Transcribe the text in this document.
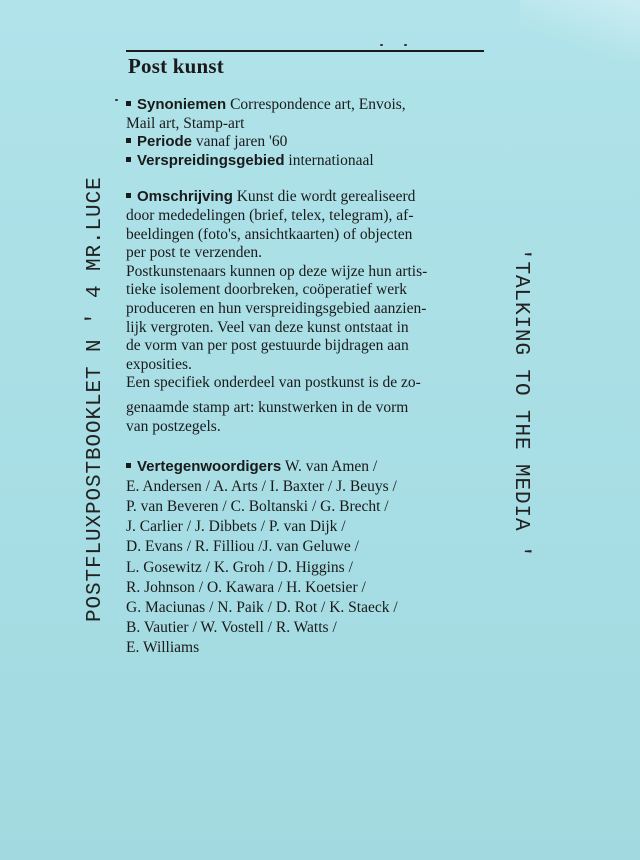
Post kunst

Synoniemen Correspondence art, Envois,

Mail art, Stamp-art

Periode vanaf jaren '60

Verspreidingsgebied internationaal

Omschrijving Kunst die wordt gerealiseerd

door mededelingen (brief, telex, telegram), af-

beeldingen (foto's, ansichtkaarten) of objecten

per post te verzenden.

Postkunstenaars kunnen op deze wijze hun artis-

tieke isolement doorbreken, coöperatief werk

produceren en hun verspreidingsgebied aanzien-

lijk vergroten. Veel van deze kunst ontstaat in

de vorm van per post gestuurde bijdragen aan

exposities.

Een specifiek onderdeel van postkunst is de zo-

genaamde stamp art: kunstwerken in de vorm

van postzegels.

Vertegenwoordigers W. van Amen /

E. Andersen / A. Arts / I. Baxter / J. Beuys /

P. van Beveren / C. Boltanski / G. Brecht /

J. Carlier / J. Dibbets / P. van Dijk /

D. Evans / R. Filliou /J. van Geluwe /

L. Gosewitz / K. Groh / D. Higgins /

R. Johnson / O. Kawara / H. Koetsier /

G. Maciunas / N. Paik / D. Rot / K. Staeck /

B. Vautier / W. Vostell / R. Watts /

E. Williams

POSTFLUXPOSTBOOKLET N ' 4 MR.LUCE	'TALKING TO THE MEDIA '
